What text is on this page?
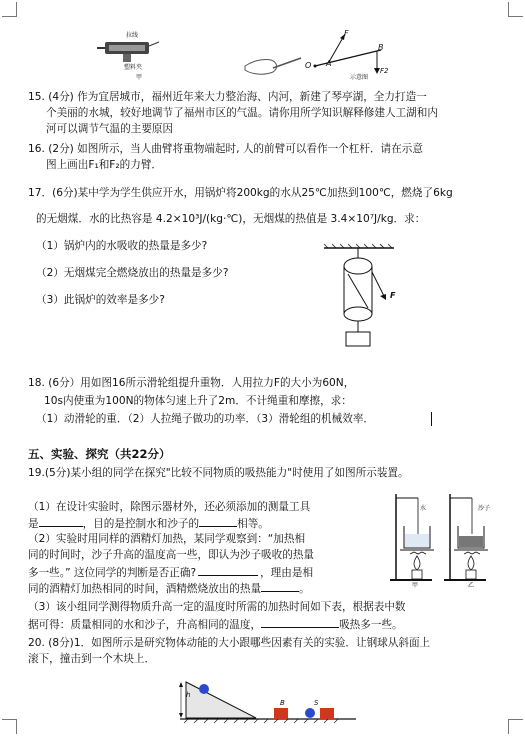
拉线
塑料夹
甲
F
O A
B
F2
示意图
15. (4分) 作为宜居城市，福州近年来大力整治海、内河，新建了琴亭湖，全力打造一
个美丽的水城，较好地调节了福州市区的气温。请你用所学知识解释修建人工湖和内
河可以调节气温的主要原因
16. (2分) 如图所示，当人曲臂将重物端起时, 人的前臂可以看作一个杠杆．请在示意
图上画出F₁和F₂的力臂．
17．(6分)某中学为学生供应开水，用锅炉将200kg的水从25℃加热到100℃，燃烧了6kg
的无烟煤．水的比热容是 4.2×10³J/(kg·℃)，无烟煤的热值是 3.4×10⁷J/kg．求：
（1）锅炉内的水吸收的热量是多少?
（2）无烟煤完全燃烧放出的热量是多少?
（3）此锅炉的效率是多少?	F
18. (6分）用如图16所示滑轮组提升重物．人用拉力F的大小为60N，
10s内使重为100N的物体匀速上升了2m．不计绳重和摩擦，求：
（1）动滑轮的重．（2）人拉绳子做功的功率．（3）滑轮组的机械效率．
五、实验、探究（共22分）
19.(5分)某小组的同学在探究"比较不同物质的吸热能力"时使用了如图所示装置。
（1）在设计实验时，除图示器材外，还必须添加的测量工具
是	，目的是控制水和沙子的	相等。
（2）实验时用同样的酒精灯加热，某同学观察到：“加热相
同的时间时，沙子升高的温度高一些，即认为沙子吸收的热量
多一些。” 这位同学的判断是否正确?	，理由是相
同的酒精灯加热相同的时间，酒精燃烧放出的热量	。
（3）该小组同学测得物质升高一定的温度时所需的加热时间如下表，根据表中数
据可得：质量相同的水和沙子，升高相同的温度，	吸热多一些。
水	沙子
甲	乙
20. (8分)1．如图所示是研究物体动能的大小跟哪些因素有关的实验．让钢球从斜面上
滚下，撞击到一个木块上．
h
B	S
